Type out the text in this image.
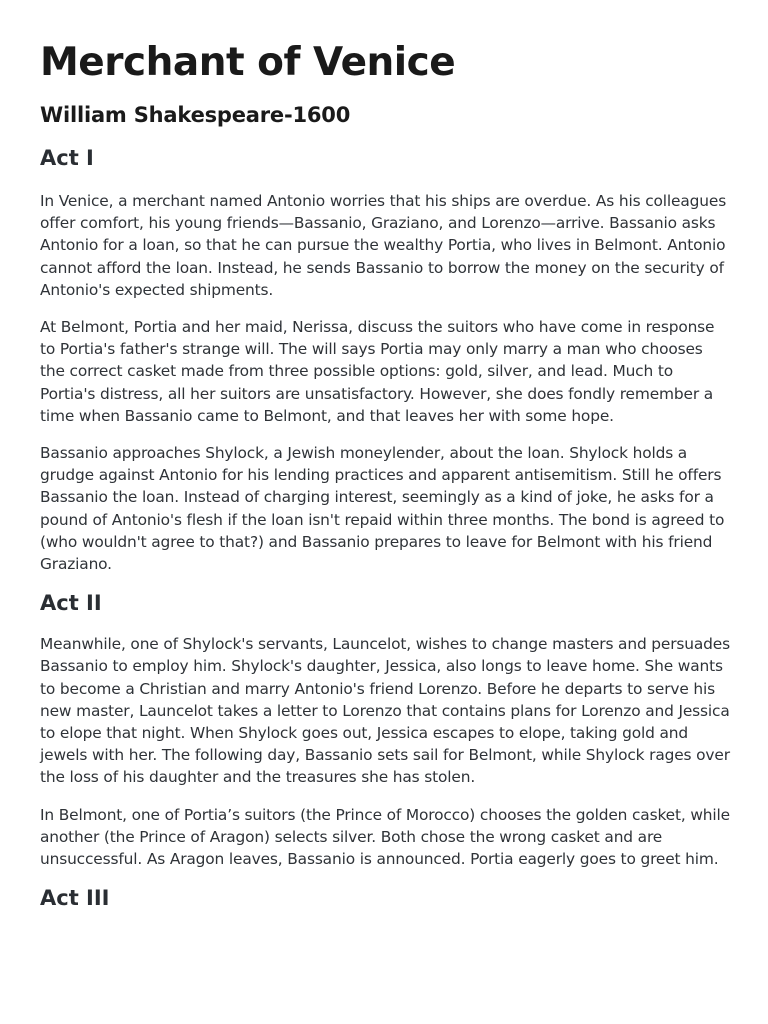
Merchant of Venice
William Shakespeare-1600
Act I

In Venice, a merchant named Antonio worries that his ships are overdue. As his colleagues offer comfort, his young friends—Bassanio, Graziano, and Lorenzo—arrive. Bassanio asks Antonio for a loan, so that he can pursue the wealthy Portia, who lives in Belmont. Antonio cannot afford the loan. Instead, he sends Bassanio to borrow the money on the security of Antonio's expected shipments.

At Belmont, Portia and her maid, Nerissa, discuss the suitors who have come in response to Portia's father's strange will. The will says Portia may only marry a man who chooses the correct casket made from three possible options: gold, silver, and lead. Much to Portia's distress, all her suitors are unsatisfactory. However, she does fondly remember a time when Bassanio came to Belmont, and that leaves her with some hope.

Bassanio approaches Shylock, a Jewish moneylender, about the loan. Shylock holds a grudge against Antonio for his lending practices and apparent antisemitism. Still he offers Bassanio the loan. Instead of charging interest, seemingly as a kind of joke, he asks for a pound of Antonio's flesh if the loan isn't repaid within three months. The bond is agreed to (who wouldn't agree to that?) and Bassanio prepares to leave for Belmont with his friend Graziano.

Act II

Meanwhile, one of Shylock's servants, Launcelot, wishes to change masters and persuades Bassanio to employ him. Shylock's daughter, Jessica, also longs to leave home. She wants to become a Christian and marry Antonio's friend Lorenzo. Before he departs to serve his new master, Launcelot takes a letter to Lorenzo that contains plans for Lorenzo and Jessica to elope that night. When Shylock goes out, Jessica escapes to elope, taking gold and jewels with her. The following day, Bassanio sets sail for Belmont, while Shylock rages over the loss of his daughter and the treasures she has stolen.

In Belmont, one of Portia’s suitors (the Prince of Morocco) chooses the golden casket, while another (the Prince of Aragon) selects silver. Both chose the wrong casket and are unsuccessful. As Aragon leaves, Bassanio is announced. Portia eagerly goes to greet him.

Act III
